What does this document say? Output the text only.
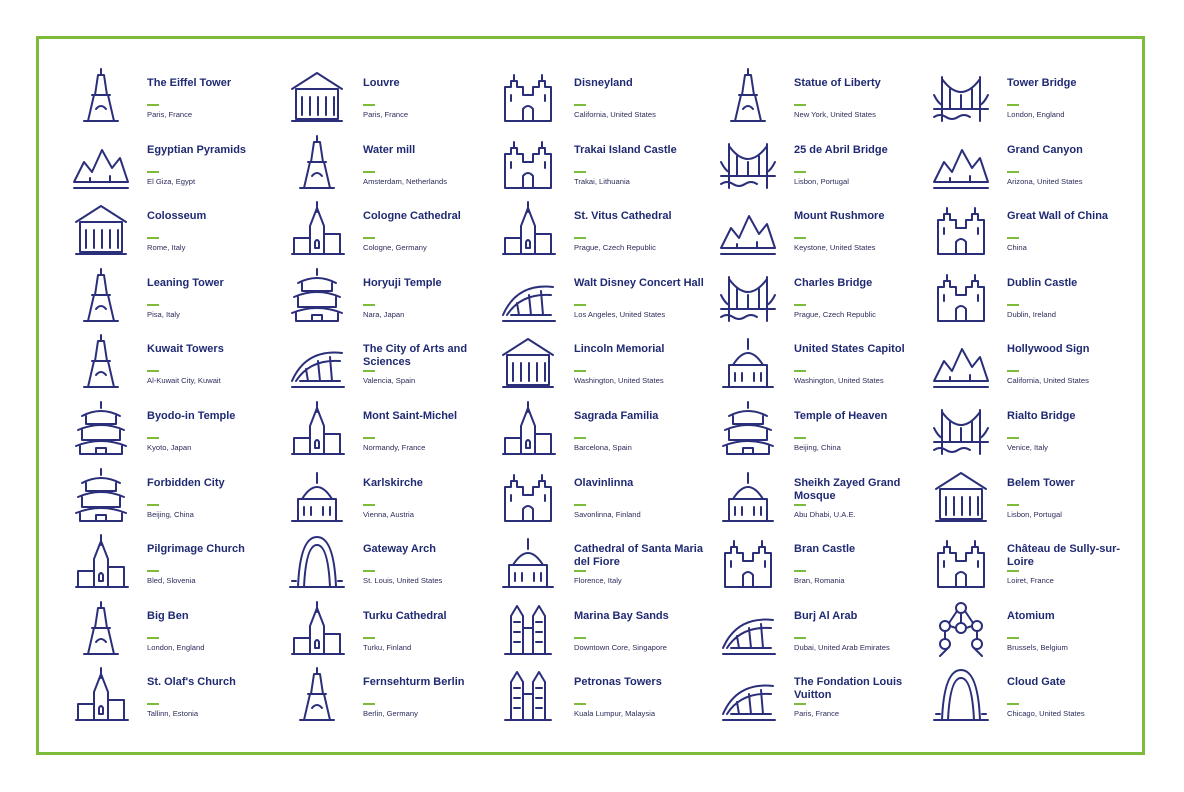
The Eiffel Tower
Paris, France
Louvre
Paris, France
Disneyland
California, United States
Statue of Liberty
New York, United States
Tower Bridge
London, England
Egyptian Pyramids
El Giza, Egypt
Water mill
Amsterdam, Netherlands
Trakai Island Castle
Trakai, Lithuania
25 de Abril Bridge
Lisbon, Portugal
Grand Canyon
Arizona, United States
Colosseum
Rome, Italy
Cologne Cathedral
Cologne, Germany
St. Vitus Cathedral
Prague, Czech Republic
Mount Rushmore
Keystone, United States
Great Wall of China
China
Leaning Tower
Pisa, Italy
Horyuji Temple
Nara, Japan
Walt Disney Concert Hall
Los Angeles, United States
Charles Bridge
Prague, Czech Republic
Dublin Castle
Dublin, Ireland
Kuwait Towers
Al-Kuwait City, Kuwait
The City of Arts and Sciences
Valencia, Spain
Lincoln Memorial
Washington, United States
United States Capitol
Washington, United States
Hollywood Sign
California, United States
Byodo-in Temple
Kyoto, Japan
Mont Saint-Michel
Normandy, France
Sagrada Familia
Barcelona, Spain
Temple of Heaven
Beijing, China
Rialto Bridge
Venice, Italy
Forbidden City
Beijing, China
Karlskirche
Vienna, Austria
Olavinlinna
Savonlinna, Finland
Sheikh Zayed Grand Mosque
Abu Dhabi, U.A.E.
Belem Tower
Lisbon, Portugal
Pilgrimage Church
Bled, Slovenia
Gateway Arch
St. Louis, United States
Cathedral of Santa Maria del Fiore
Florence, Italy
Bran Castle
Bran, Romania
Château de Sully-sur-Loire
Loiret, France
Big Ben
London, England
Turku Cathedral
Turku, Finland
Marina Bay Sands
Downtown Core, Singapore
Burj Al Arab
Dubai, United Arab Emirates
Atomium
Brussels, Belgium
St. Olaf's Church
Tallinn, Estonia
Fernsehturm Berlin
Berlin, Germany
Petronas Towers
Kuala Lumpur, Malaysia
The Fondation Louis Vuitton
Paris, France
Cloud Gate
Chicago, United States
